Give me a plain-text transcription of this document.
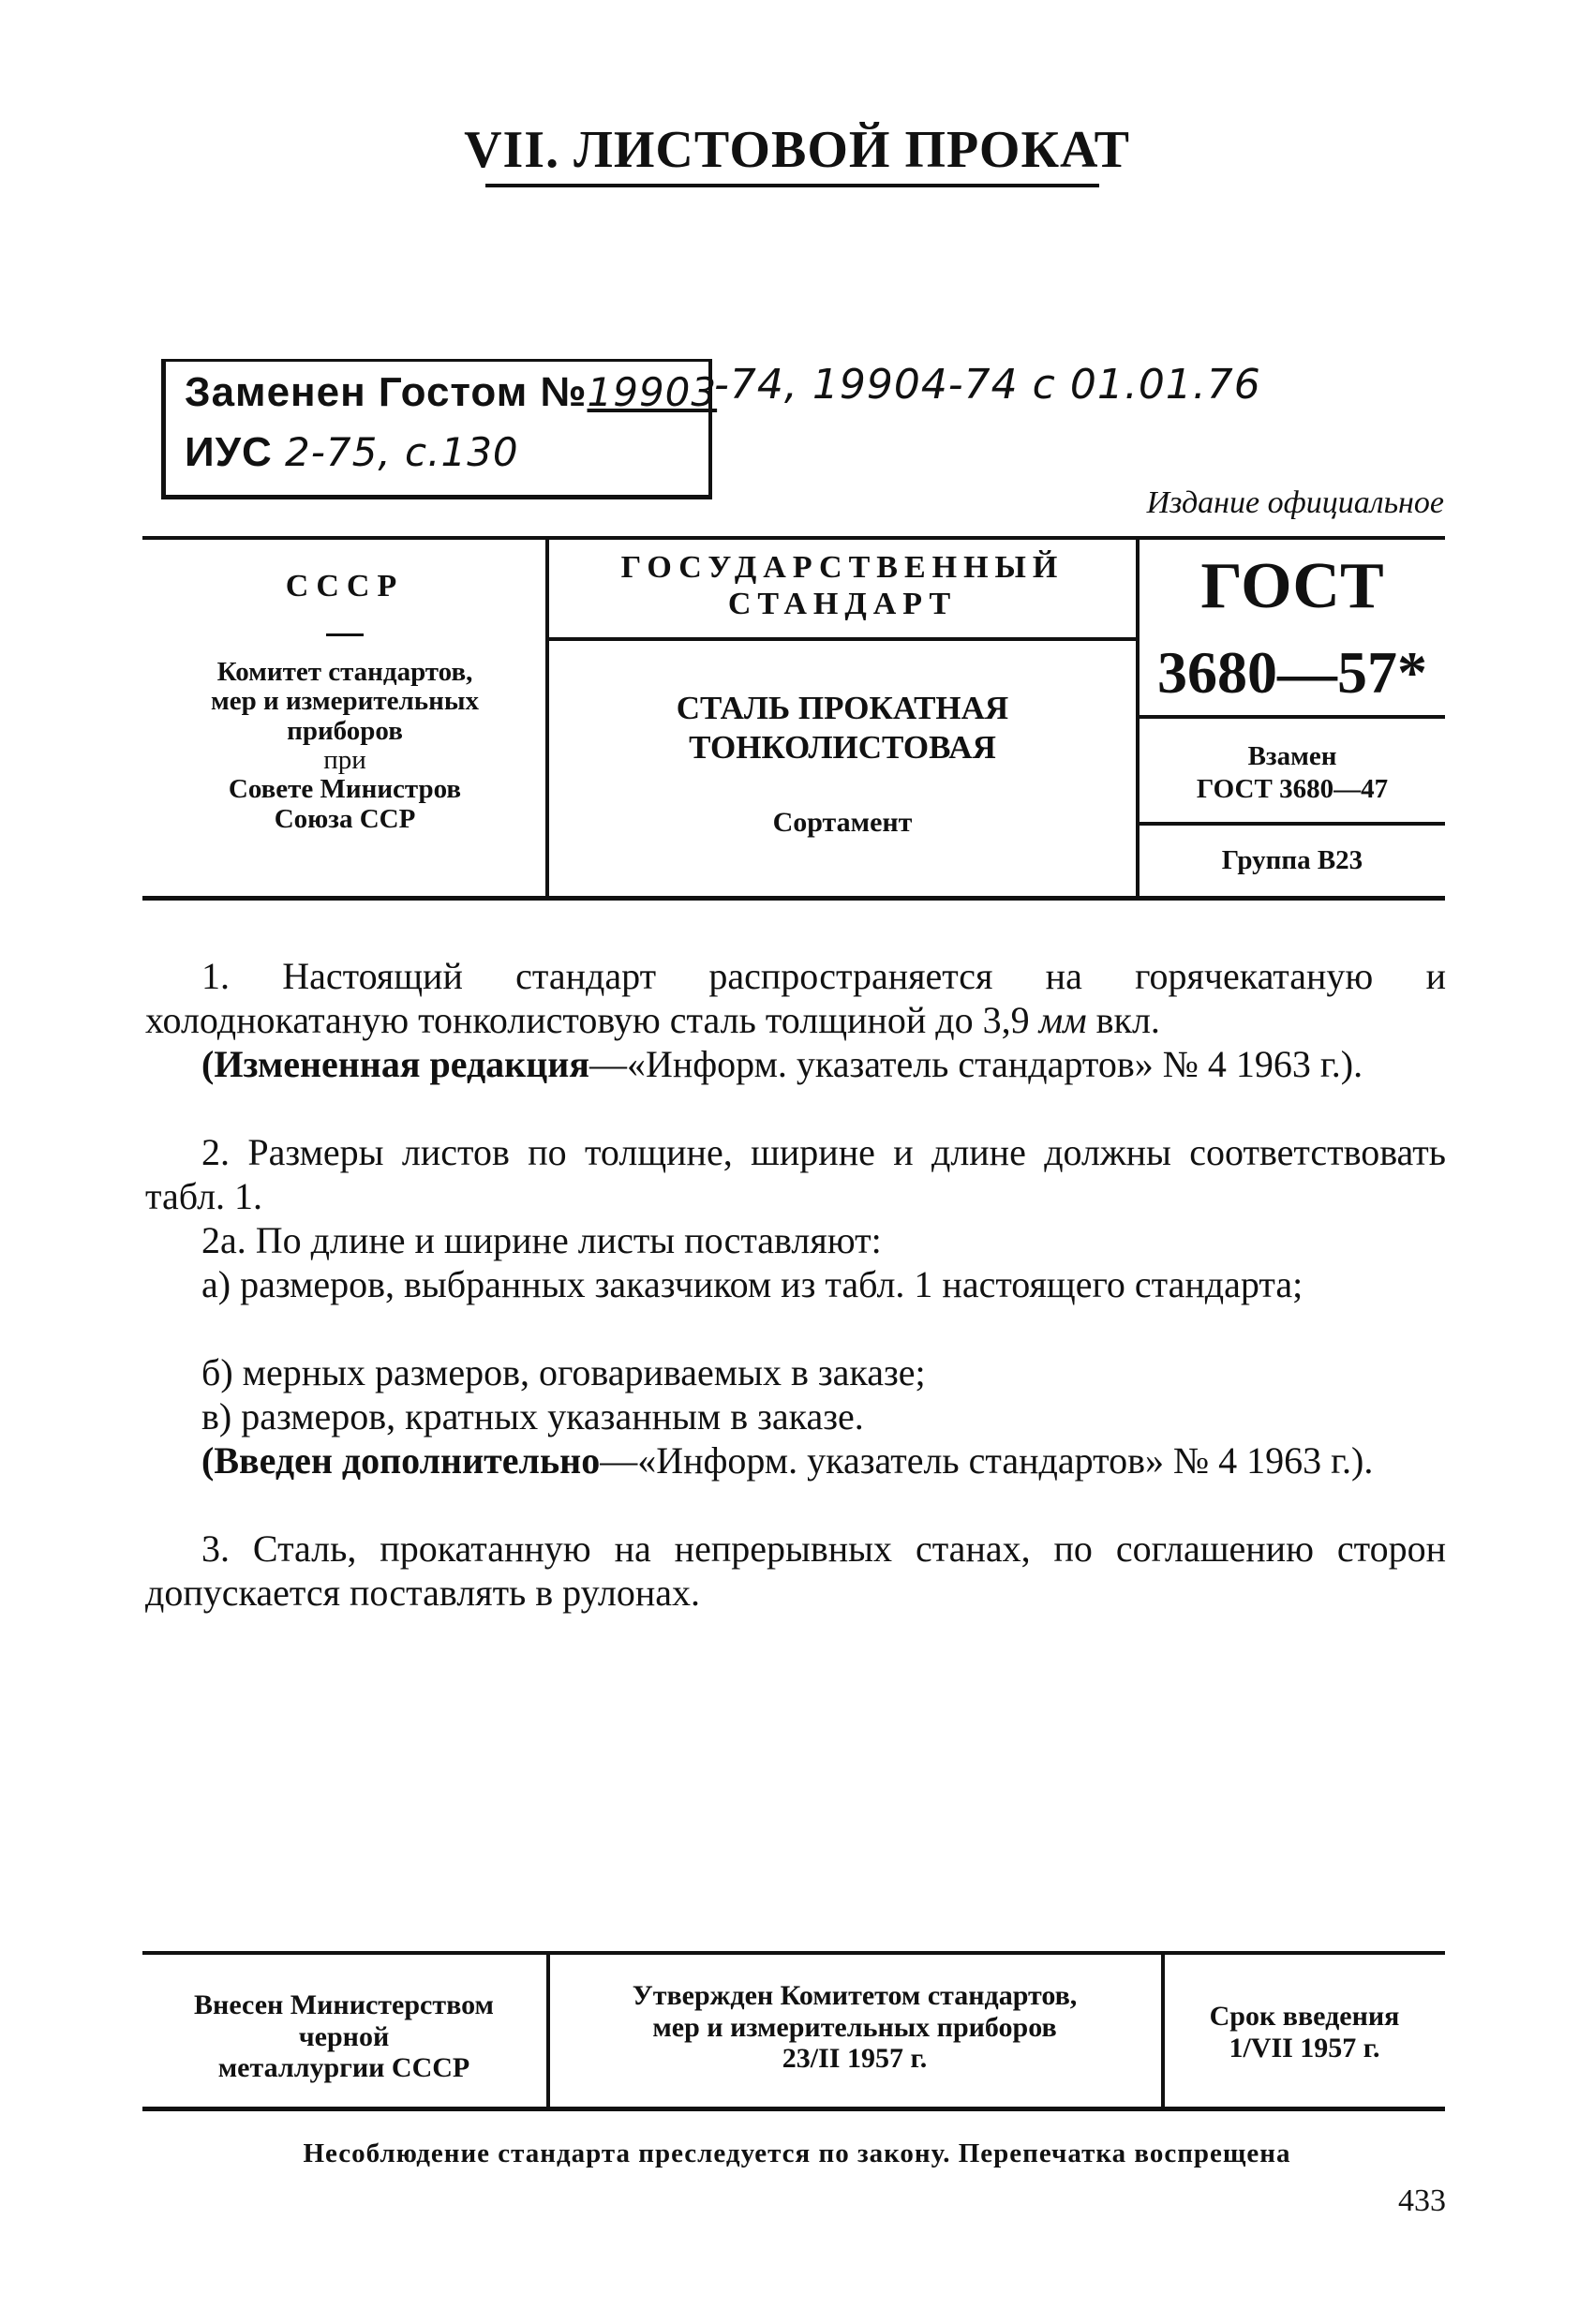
VII. ЛИСТОВОЙ ПРОКАТ
Заменен Гостом №19903
ИУС 2-75, с.130
-74, 19904-74 с 01.01.76
Издание официальное
СССР
Комитет стандартов,
мер и измерительных
приборов
при
Совете Министров
Союза ССР
ГОСУДАРСТВЕННЫЙ
СТАНДАРТ
СТАЛЬ ПРОКАТНАЯ
ТОНКОЛИСТОВАЯ
Сортамент
ГОСТ
3680—57*
Взамен
ГОСТ 3680—47
Группа В23
1. Настоящий стандарт распространяется на горячекатаную и холоднокатаную тонколистовую сталь толщиной до 3,9 мм вкл.
(Измененная редакция—«Информ. указатель стандартов» № 4 1963 г.).
2. Размеры листов по толщине, ширине и длине должны соответствовать табл. 1.
2а. По длине и ширине листы поставляют:
а) размеров, выбранных заказчиком из табл. 1 настоящего стандарта;
б) мерных размеров, оговариваемых в заказе;
в) размеров, кратных указанным в заказе.
(Введен дополнительно—«Информ. указатель стандартов» № 4 1963 г.).
3. Сталь, прокатанную на непрерывных станах, по соглашению сторон допускается поставлять в рулонах.
Внесен Министерством
черной
металлургии СССР
Утвержден Комитетом стандартов,
мер и измерительных приборов
23/II 1957 г.
Срок введения
1/VII 1957 г.
Несоблюдение стандарта преследуется по закону. Перепечатка воспрещена
433
